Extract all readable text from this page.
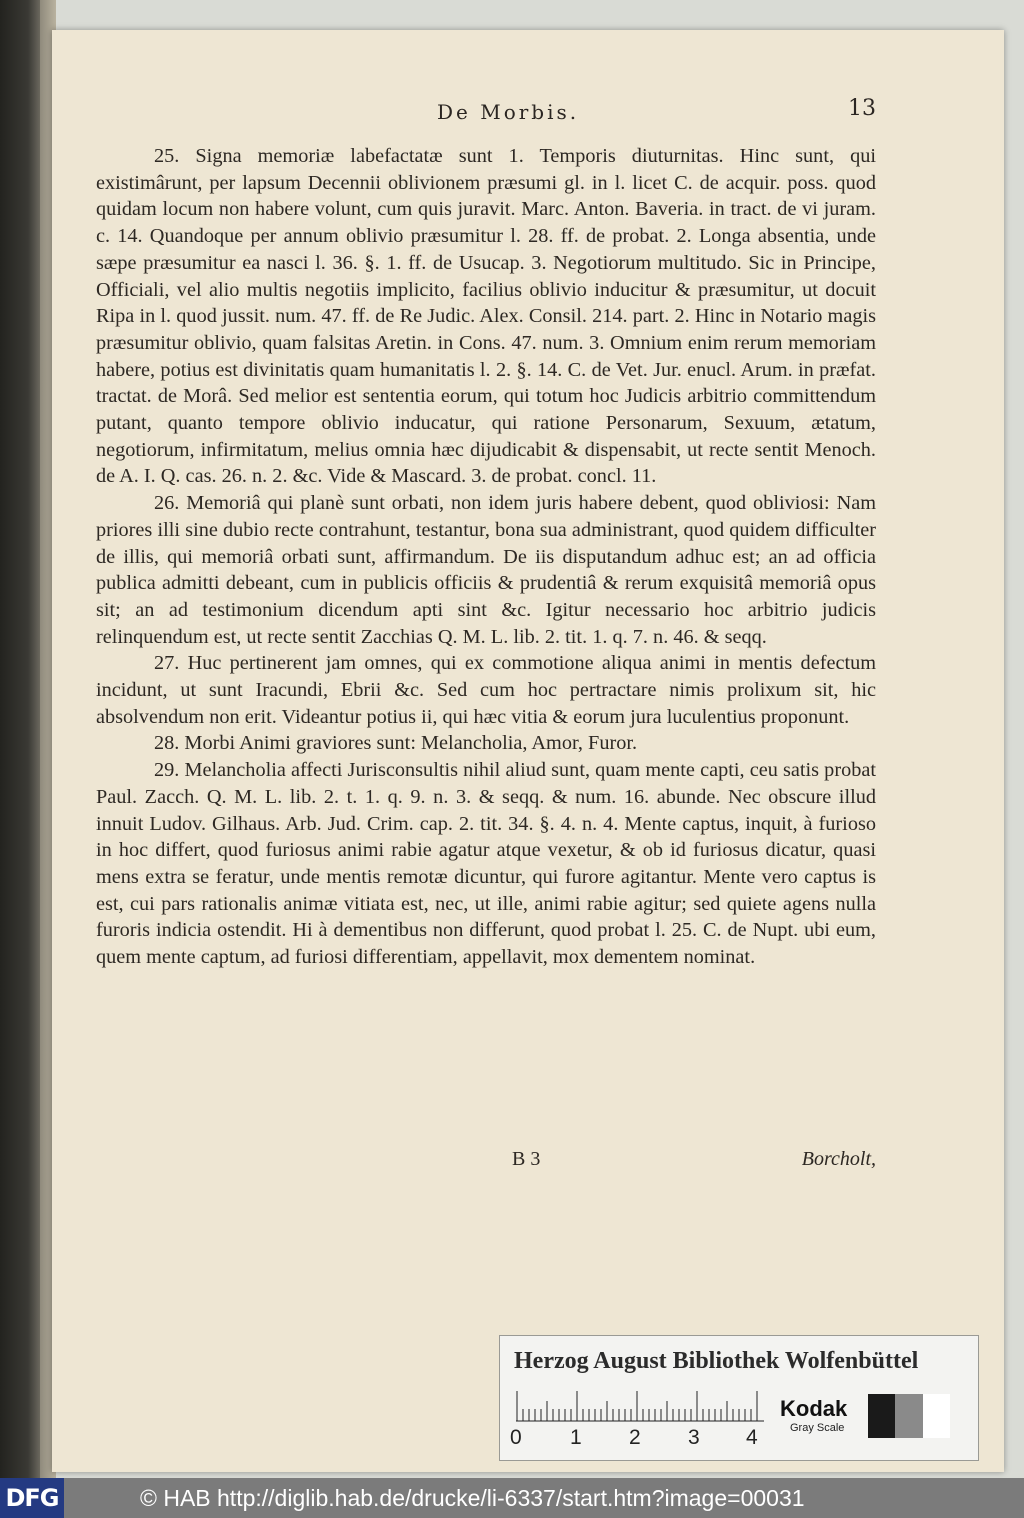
De Morbis.	13

25. Signa memoriæ labefactatæ sunt 1. Temporis diuturnitas. Hinc sunt, qui existimârunt, per lapsum Decennii oblivionem præsumi gl. in l. licet C. de acquir. poss. quod quidam locum non habere volunt, cum quis juravit. Marc. Anton. Baveria. in tract. de vi juram. c. 14. Quandoque per annum oblivio præsumitur l. 28. ff. de probat. 2. Longa absentia, unde sæpe præsumitur ea nasci l. 36. §. 1. ff. de Usucap. 3. Negotiorum multitudo. Sic in Principe, Officiali, vel alio multis negotiis implicito, facilius oblivio inducitur & præsumitur, ut docuit Ripa in l. quod jussit. num. 47. ff. de Re Judic. Alex. Consil. 214. part. 2. Hinc in Notario magis præsumitur oblivio, quam falsitas Aretin. in Cons. 47. num. 3. Omnium enim rerum memoriam habere, potius est divinitatis quam humanitatis l. 2. §. 14. C. de Vet. Jur. enucl. Arum. in præfat. tractat. de Morâ. Sed melior est sententia eorum, qui totum hoc Judicis arbitrio committendum putant, quanto tempore oblivio inducatur, qui ratione Personarum, Sexuum, ætatum, negotiorum, infirmitatum, melius omnia hæc dijudicabit & dispensabit, ut recte sentit Menoch. de A. I. Q. cas. 26. n. 2. &c. Vide & Mascard. 3. de probat. concl. 11.

26. Memoriâ qui planè sunt orbati, non idem juris habere debent, quod obliviosi: Nam priores illi sine dubio recte contrahunt, testantur, bona sua administrant, quod quidem difficulter de illis, qui memoriâ orbati sunt, affirmandum. De iis disputandum adhuc est; an ad officia publica admitti debeant, cum in publicis officiis & prudentiâ & rerum exquisitâ memoriâ opus sit; an ad testimonium dicendum apti sint &c. Igitur necessario hoc arbitrio judicis relinquendum est, ut recte sentit Zacchias Q. M. L. lib. 2. tit. 1. q. 7. n. 46. & seqq.

27. Huc pertinerent jam omnes, qui ex commotione aliqua animi in mentis defectum incidunt, ut sunt Iracundi, Ebrii &c. Sed cum hoc pertractare nimis prolixum sit, hic absolvendum non erit. Videantur potius ii, qui hæc vitia & eorum jura luculentius proponunt.

28. Morbi Animi graviores sunt: Melancholia, Amor, Furor.

29. Melancholia affecti Jurisconsultis nihil aliud sunt, quam mente capti, ceu satis probat Paul. Zacch. Q. M. L. lib. 2. t. 1. q. 9. n. 3. & seqq. & num. 16. abunde. Nec obscure illud innuit Ludov. Gilhaus. Arb. Jud. Crim. cap. 2. tit. 34. §. 4. n. 4. Mente captus, inquit, à furioso in hoc differt, quod furiosus animi rabie agatur atque vexetur, & ob id furiosus dicatur, quasi mens extra se feratur, unde mentis remotæ dicuntur, qui furore agitantur. Mente vero captus is est, cui pars rationalis animæ vitiata est, nec, ut ille, animi rabie agitur; sed quiete agens nulla furoris indicia ostendit. Hi à dementibus non differunt, quod probat l. 25. C. de Nupt. ubi eum, quem mente captum, ad furiosi differentiam, appellavit, mox dementem nominat.

B 3	Borcholt,
Herzog August Bibliothek Wolfenbüttel
0 1 2 3 4
Kodak
Gray Scale
DFG	© HAB http://diglib.hab.de/drucke/li-6337/start.htm?image=00031
